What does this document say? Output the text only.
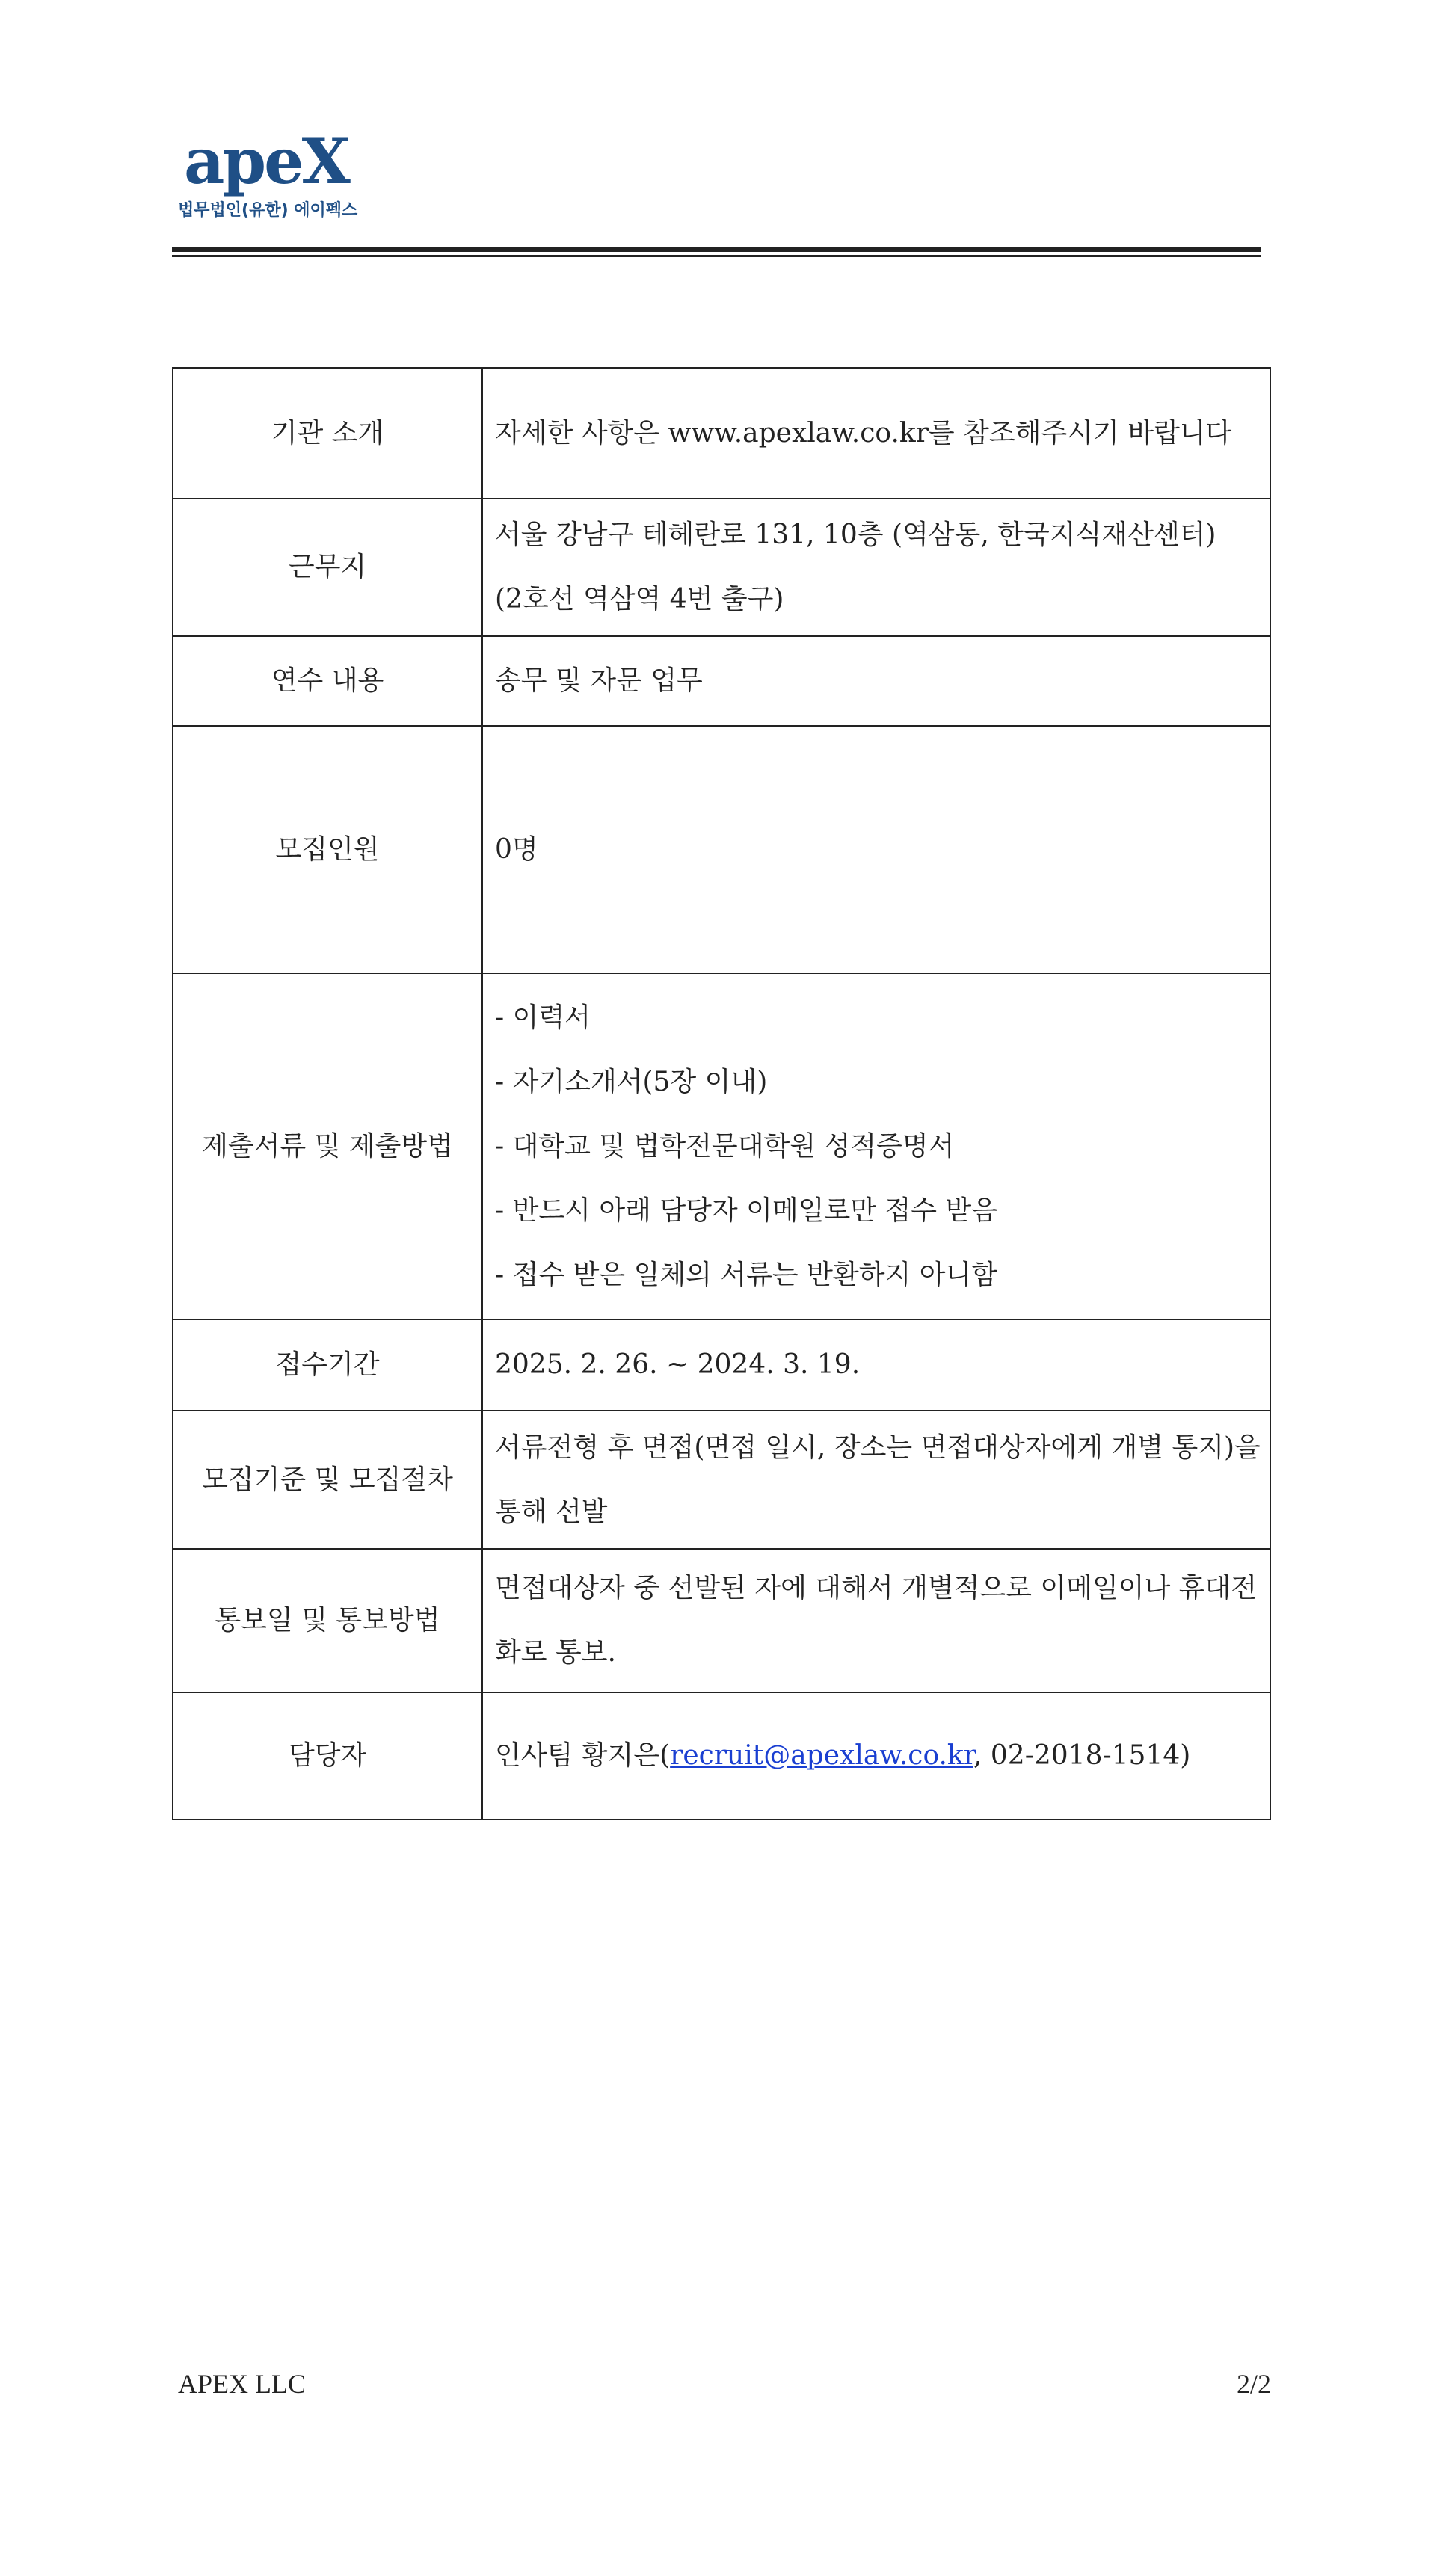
apeX
법무법인(유한) 에이펙스
기관 소개	자세한 사항은 www.apexlaw.co.kr를 참조해주시기 바랍니다

근무지	서울 강남구 테헤란로 131, 10층 (역삼동, 한국지식재산센터)
(2호선 역삼역 4번 출구)

연수 내용	송무 및 자문 업무

모집인원	0명

제출서류 및 제출방법	- 이력서
- 자기소개서(5장 이내)
- 대학교 및 법학전문대학원 성적증명서
- 반드시 아래 담당자 이메일로만 접수 받음
- 접수 받은 일체의 서류는 반환하지 아니함

접수기간	2025. 2. 26. ~ 2024. 3. 19.

모집기준 및 모집절차	서류전형 후 면접(면접 일시, 장소는 면접대상자에게 개별 통지)을 통해 선발

통보일 및 통보방법	면접대상자 중 선발된 자에 대해서 개별적으로 이메일이나 휴대전화로 통보.

담당자	인사팀 황지은(recruit@apexlaw.co.kr, 02-2018-1514)
APEX LLC	2/2
